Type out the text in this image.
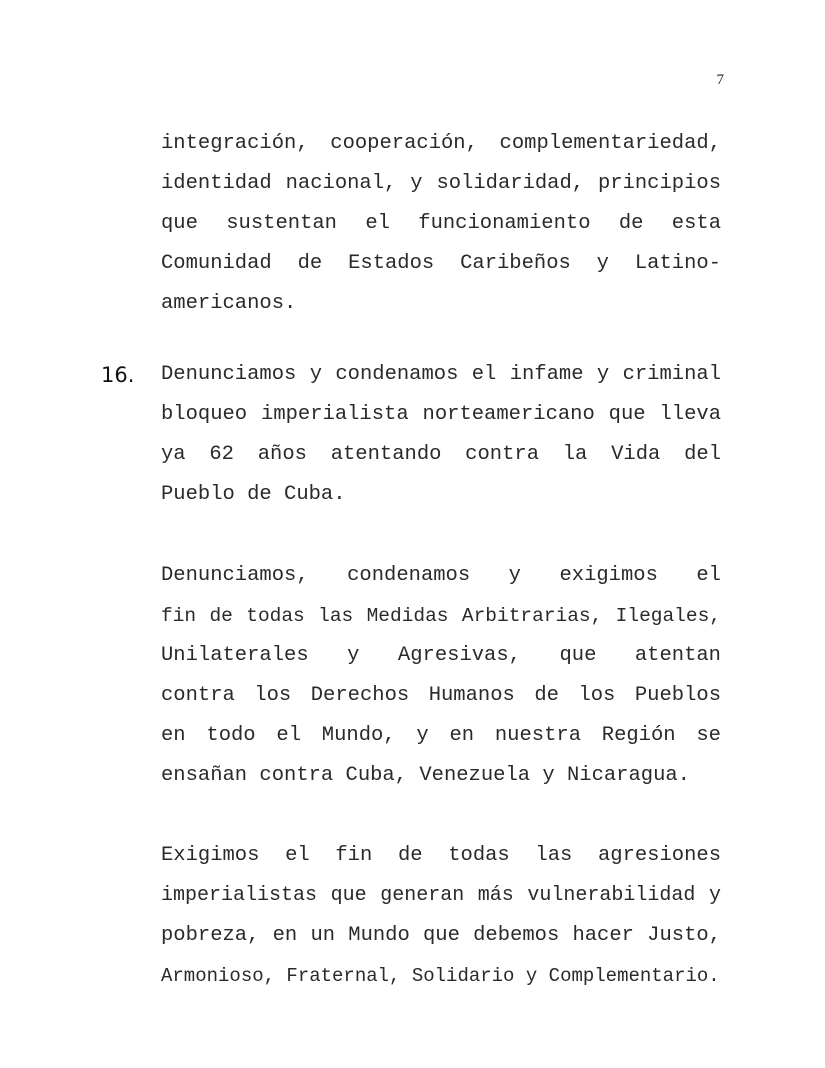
7
integración, cooperación, complementariedad,
identidad nacional, y solidaridad, principios
que sustentan el funcionamiento de esta
Comunidad de Estados Caribeños y Latino-
americanos.
16.	Denunciamos y condenamos el infame y criminal
bloqueo imperialista norteamericano que lleva
ya 62 años atentando contra la Vida del
Pueblo de Cuba.
Denunciamos, condenamos y exigimos el
fin de todas las Medidas Arbitrarias, Ilegales,
Unilaterales y Agresivas, que atentan
contra los Derechos Humanos de los Pueblos
en todo el Mundo, y en nuestra Región se
ensañan contra Cuba, Venezuela y Nicaragua.
Exigimos el fin de todas las agresiones
imperialistas que generan más vulnerabilidad y
pobreza, en un Mundo que debemos hacer Justo,
Armonioso, Fraternal, Solidario y Complementario.
